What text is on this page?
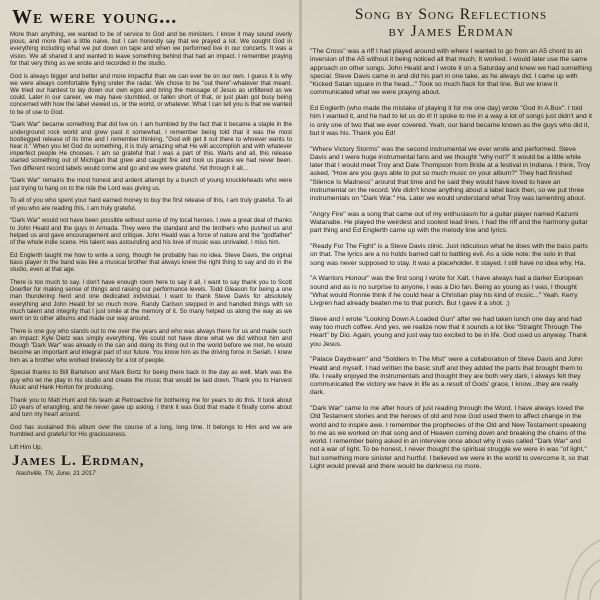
We were young...

More than anything, we wanted to be of service to God and be ministers. I know it may sound overly pious, and more than a little naive, but I can honestly say that we prayed a lot. We sought God in everything including what we put down on tape and when we performed live in our concerts. It was a vision. We all shared it and wanted to leave something behind that had an impact. I remember praying for that very thing as we wrote and recorded in the studio.

God is always bigger and better and more impactful than we can ever be on our own. I guess it is why we were always comfortable flying under the radar. We chose to be "out there"-whatever that meant. We tried our hardest to lay down our own egos and bring the message of Jesus as unfiltered as we could. Later in our career, we may have stumbled, or fallen short of that, or just plain got busy being concerned with how the label viewed us, or the world, or whatever. What I can tell you is that we wanted to be of use to God.

"Dark War" became something that did live on. I am humbled by the fact that it became a staple in the underground rock world and grew past it somewhat. I remember being told that it was the most bootlegged release of its time and I remember thinking, "God will get it out there to whoever wants to hear it." When you let God do something, it is truly amazing what He will accomplish and with whatever imperfect people He chooses. I am so grateful that I was a part of this. Warts and all, this release started something out of Michigan that grew and caught fire and took us places we had never been. Two different record labels would come and go and we were grateful. Yet through it all...

"Dark War" remains the most honest and ardent attempt by a bunch of young knuckleheads who were just trying to hang on to the ride the Lord was giving us.

To all of you who spent your hard earned money to buy the first release of this, I am truly grateful. To all of you who are reading this, I am truly grateful.

"Dark War" would not have been possible without some of my local heroes. I owe a great deal of thanks to John Heald and the guys in Armada. They were the standard and the brothers who pushed us and helped us and gave encouragement and critique. John Heald was a force of nature and the "godfather" of the whole indie scene. His talent was astounding and his love of music was unrivaled. I miss him.

Ed Englerth taught me how to write a song, though he probably has no idea. Steve Davis, the original bass player in the band was like a musical brother that always knew the right thing to say and do in the studio, even at that age.

There is too much to say. I don't have enough room here to say it all. I want to say thank you to Scott Doerfler for making sense of things and raising our performance levels. Todd Gleason for being a one man thundering herd and one dedicated individual. I want to thank Steve Davis for absolutely everything and John Heald for so much more. Randy Carlson stepped in and handled things with so much talent and integrity that I just smile at the memory of it. So many helped us along the way as we went on to other albums and made our way around.

There is one guy who stands out to me over the years and who was always there for us and made such an impact: Kyle Dietz was simply everything. We could not have done what we did without him and though "Dark War" was already in the can and doing its thing out in the world before we met, he would become an important and integral part of our future. You know him as the driving force in Seriah. I knew him as a brother who worked tirelessly for a lot of people.

Special thanks to Bill Bartelson and Mark Bortz for being there back in the day as well. Mark was the guy who let me play in his studio and create the music that would be laid down. Thank you to Harvest Music and Hank Horton for producing.

Thank you to Matt Hunt and his team at Retroactive for bothering me for years to do this. It took about 10 years of wrangling, and he never gave up asking. I think it was God that made it finally come about and turn my heart around.

God has sustained this album over the course of a long, long time. It belongs to Him and we are humbled and grateful for His graciousness.

Lift Him Up,
James L. Erdman,
Nashville, TN, June, 21 2017
Song by Song Reflections
by James Erdman

"The Cross" was a riff I had played around with where I wanted to go from an A5 chord to an inversion of the A5 without it being noticed all that much. It worked. I would later use the same approach on other songs. John Heald and I wrote it on a Saturday and knew we had something special. Steve Davis came in and did his part in one take, as he always did. I came up with "Kicked Satan square in the head..." Took so much flack for that line. But we knew it communicated what we were praying about.

Ed Englerth (who made the mistake of playing it for me one day) wrote "God In A Box". I told him I wanted it, and he had to let us do it! It spoke to me in a way a lot of songs just didn't and it is only one of two that we ever covered. Yeah, our band became known as the guys who did it, but it was his. Thank you Ed!

"Where Victory Storms" was the second instrumental we ever wrote and performed. Steve Davis and I were huge instrumental fans and we thought "why not?" It would be a little while later that I would meet Troy and Dale Thompson from Bride at a festival in Indiana. I think, Troy asked, "How are you guys able to put so much music on your album?" They had finished "Silence Is Madness" around that time and he said they would have loved to have an instrumental on the record. We didn't know anything about a label back then, so we put three instrumentals on "Dark War." Ha. Later we would understand what Troy was lamenting about.

"Angry Fire" was a song that came out of my enthusiasm for a guitar player named Kazumi Watanabe. He played the weirdest and coolest lead lines. I had the riff and the harmony guitar part thing and Ed Englerth came up with the melody line and lyrics.

"Ready For The Fight" is a Steve Davis clinic. Just ridiculous what he does with the bass parts on that. The lyrics are a no holds barred call to battling evil. As a side note: the solo in that song was never supposed to stay. It was a placeholder. It stayed. I still have no idea why. Ha.

"A Warriors Honour" was the first song I wrote for Xalt. I have always had a darker European sound and as is no surprise to anyone, I was a Dio fan. Being as young as I was, I thought "What would Ronnie think if he could hear a Christian play his kind of music..." Yeah. Kerry Livgren had already beaten me to that punch. But I gave it a shot. ;)

Steve and I wrote "Looking Down A Loaded Gun" after we had taken lunch one day and had way too much coffee. And yes, we realize now that it sounds a lot like "Straight Through The Heart" by Dio. Again, young and just way too excited to be in life. God used us anyway. Thank you Jesus.

"Palace Daydream" and "Soldiers In The Mist" were a collaboration of Steve Davis and John Heald and myself. I had written the basic stuff and they added the parts that brought them to life. I really enjoyed the instrumentals and thought they are both very dark, I always felt they communicated the victory we have in life as a result of Gods' grace, I know...they are really dark.

"Dark War" came to me after hours of just reading through the Word. I have always loved the Old Testament stories and the heroes of old and how God used them to affect change in the world and to inspire awe. I remember the prophecies of the Old and New Testament speaking to me as we worked on that song and of Heaven coming down and breaking the chains of the world. I remember being asked in an interview once about why it was called "Dark War" and not a war of light. To be honest, I never thought the spiritual struggle we were in was "of light," but something more sinister and hurtful. I believed we were in the world to overcome it, so that Light would prevail and there would be darkness no more.
